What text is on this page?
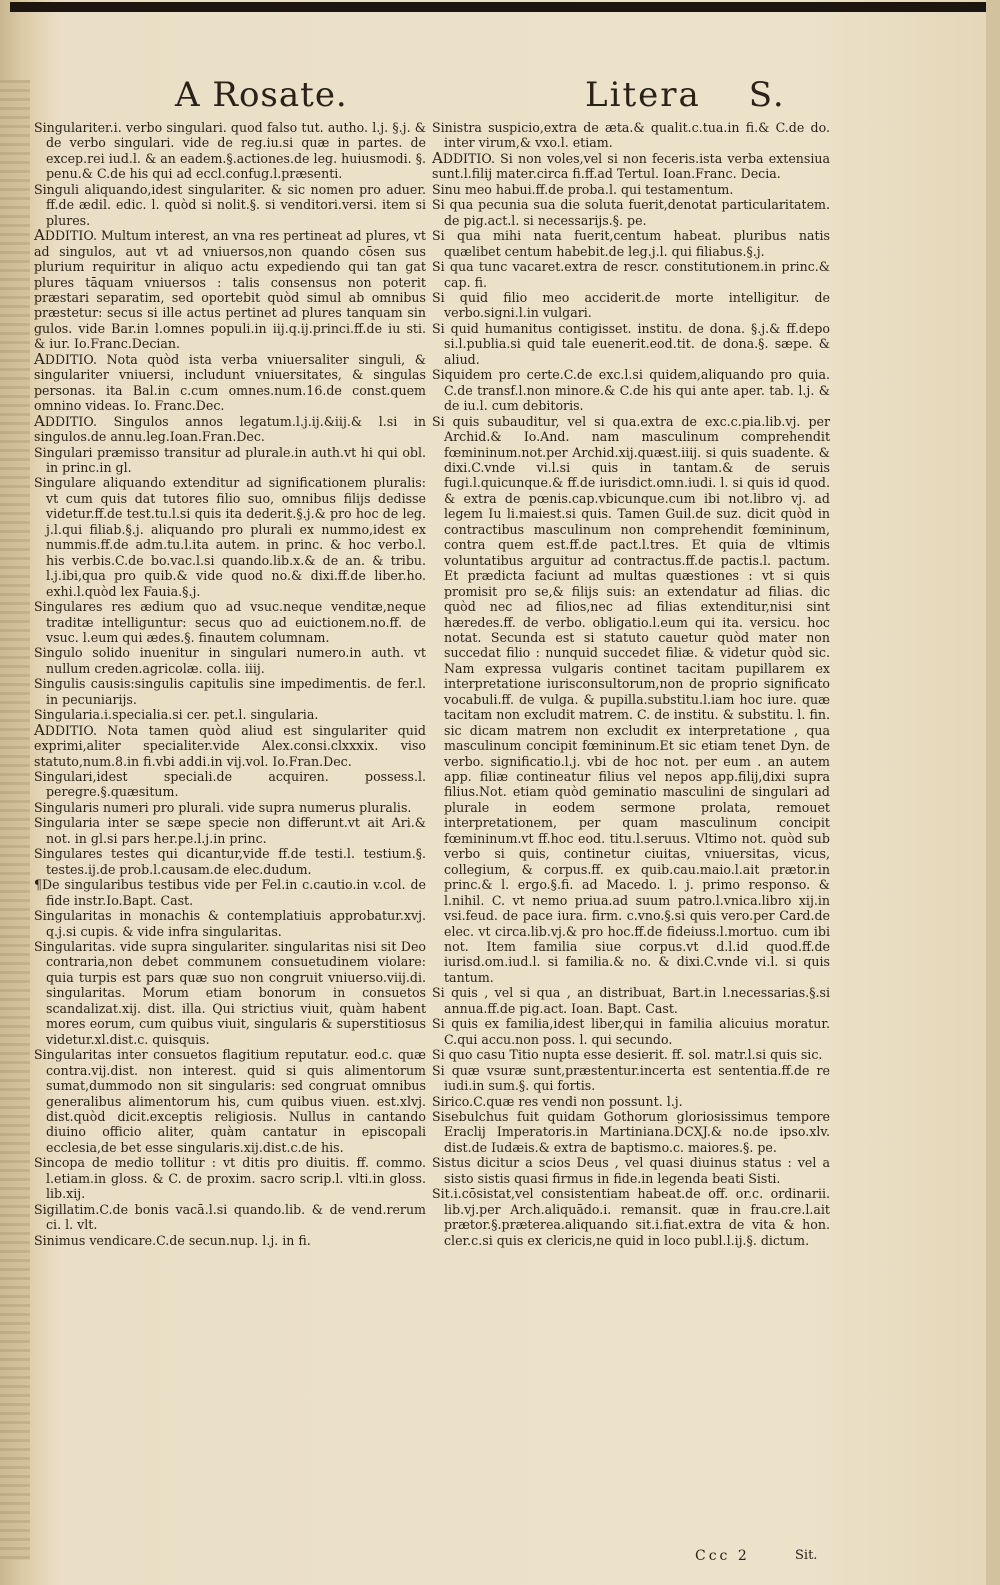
A Rosate.	Litera S.

Singulariter.i. verbo singulari. quod falso tut. autho. l.j. §.j. & de verbo singulari. vide de reg.iu.si quæ in partes. de excep.rei iud.l. & an eadem.§.actiones.de leg. huiusmodi. §. penu.& C.de his qui ad eccl.confug.l.præsenti.

Singuli aliquando,idest singulariter. & sic nomen pro aduer. ff.de ædil. edic. l. quòd si nolit.§. si venditori.versi. item si plures.

ADDITIO. Multum interest, an vna res pertineat ad plures, vt ad singulos, aut vt ad vniuersos,non quando cōsen sus plurium requiritur in aliquo actu expediendo qui tan gat plures tāquam vniuersos : talis consensus non poterit præstari separatim, sed oportebit quòd simul ab omnibus præstetur: secus si ille actus pertinet ad plures tanquam sin gulos. vide Bar.in l.omnes populi.in iij.q.ij.princi.ff.de iu sti. & iur. Io.Franc.Decian.

ADDITIO. Nota quòd ista verba vniuersaliter singuli, & singulariter vniuersi, includunt vniuersitates, & singulas personas. ita Bal.in c.cum omnes.num.16.de const.quem omnino videas. Io. Franc.Dec.

ADDITIO. Singulos annos legatum.l.j.ij.&iij.& l.si in singulos.de annu.leg.Ioan.Fran.Dec.

Singulari præmisso transitur ad plurale.in auth.vt hi qui obl. in princ.in gl.

Singulare aliquando extenditur ad significationem pluralis: vt cum quis dat tutores filio suo, omnibus filijs dedisse videtur.ff.de test.tu.l.si quis ita dederit.§.j.& pro hoc de leg. j.l.qui filiab.§.j. aliquando pro plurali ex nummo,idest ex nummis.ff.de adm.tu.l.ita autem. in princ. & hoc verbo.l. his verbis.C.de bo.vac.l.si quando.lib.x.& de an. & tribu. l.j.ibi,qua pro quib.& vide quod no.& dixi.ff.de liber.ho. exhi.l.quòd lex Fauia.§.j.

Singulares res ædium quo ad vsuc.neque venditæ,neque traditæ intelliguntur: secus quo ad euictionem.no.ff. de vsuc. l.eum qui ædes.§. finautem columnam.

Singulo solido inuenitur in singulari numero.in auth. vt nullum creden.agricolæ. colla. iiij.

Singulis causis:singulis capitulis sine impedimentis. de fer.l. in pecuniarijs.

Singularia.i.specialia.si cer. pet.l. singularia.

ADDITIO. Nota tamen quòd aliud est singulariter quid exprimi,aliter specialiter.vide Alex.consi.clxxxix. viso statuto,num.8.in fi.vbi addi.in vij.vol. Io.Fran.Dec.

Singulari,idest speciali.de acquiren. possess.l. peregre.§.quæsitum.

Singularis numeri pro plurali. vide supra numerus pluralis.

Singularia inter se sæpe specie non differunt.vt ait Ari.& not. in gl.si pars her.pe.l.j.in princ.

Singulares testes qui dicantur,vide ff.de testi.l. testium.§. testes.ij.de prob.l.causam.de elec.dudum.

¶De singularibus testibus vide per Fel.in c.cautio.in v.col. de fide instr.Io.Bapt. Cast.

Singularitas in monachis & contemplatiuis approbatur.xvj. q.j.si cupis. & vide infra singularitas.

Singularitas. vide supra singulariter. singularitas nisi sit Deo contraria,non debet communem consuetudinem violare: quia turpis est pars quæ suo non congruit vniuerso.viij.di. singularitas. Morum etiam bonorum in consuetos scandalizat.xij. dist. illa. Qui strictius viuit, quàm habent mores eorum, cum quibus viuit, singularis & superstitiosus videtur.xl.dist.c. quisquis.

Singularitas inter consuetos flagitium reputatur. eod.c. quæ contra.vij.dist. non interest. quid si quis alimentorum sumat,dummodo non sit singularis: sed congruat omnibus generalibus alimentorum his, cum quibus viuen. est.xlvj. dist.quòd dicit.exceptis religiosis. Nullus in cantando diuino officio aliter, quàm cantatur in episcopali ecclesia,de bet esse singularis.xij.dist.c.de his.

Sincopa de medio tollitur : vt ditis pro diuitis. ff. commo. l.etiam.in gloss. & C. de proxim. sacro scrip.l. vlti.in gloss. lib.xij.

Sigillatim.C.de bonis vacā.l.si quando.lib. & de vend.rerum ci. l. vlt.

Sinimus vendicare.C.de secun.nup. l.j. in fi.

Sinistra suspicio,extra de æta.& qualit.c.tua.in fi.& C.de do. inter virum,& vxo.l. etiam.

ADDITIO. Si non voles,vel si non feceris.ista verba extensiua sunt.l.filij mater.circa fi.ff.ad Tertul. Ioan.Franc. Decia.

Sinu meo habui.ff.de proba.l. qui testamentum.

Si qua pecunia sua die soluta fuerit,denotat particularitatem. de pig.act.l. si necessarijs.§. pe.

Si qua mihi nata fuerit,centum habeat. pluribus natis quælibet centum habebit.de leg.j.l. qui filiabus.§.j.

Si qua tunc vacaret.extra de rescr. constitutionem.in princ.& cap. fi.

Si quid filio meo acciderit.de morte intelligitur. de verbo.signi.l.in vulgari.

Si quid humanitus contigisset. institu. de dona. §.j.& ff.depo si.l.publia.si quid tale euenerit.eod.tit. de dona.§. sæpe. & aliud.

Siquidem pro certe.C.de exc.l.si quidem,aliquando pro quia. C.de transf.l.non minore.& C.de his qui ante aper. tab. l.j. & de iu.l. cum debitoris.

Si quis subauditur, vel si qua.extra de exc.c.pia.lib.vj. per Archid.& Io.And. nam masculinum comprehendit fœmininum.not.per Archid.xij.quæst.iiij. si quis suadente. & dixi.C.vnde vi.l.si quis in tantam.& de seruis fugi.l.quicunque.& ff.de iurisdict.omn.iudi. l. si quis id quod. & extra de pœnis.cap.vbicunque.cum ibi not.libro vj. ad legem Iu li.maiest.si quis. Tamen Guil.de suz. dicit quòd in contractibus masculinum non comprehendit fœmininum, contra quem est.ff.de pact.l.tres. Et quia de vltimis voluntatibus arguitur ad contractus.ff.de pactis.l. pactum. Et prædicta faciunt ad multas quæstiones : vt si quis promisit pro se,& filijs suis: an extendatur ad filias. dic quòd nec ad filios,nec ad filias extenditur,nisi sint hæredes.ff. de verbo. obligatio.l.eum qui ita. versicu. hoc notat. Secunda est si statuto cauetur quòd mater non succedat filio : nunquid succedet filiæ. & videtur quòd sic. Nam expressa vulgaris continet tacitam pupillarem ex interpretatione iurisconsultorum,non de proprio significato vocabuli.ff. de vulga. & pupilla.substitu.l.iam hoc iure. quæ tacitam non excludit matrem. C. de institu. & substitu. l. fin. sic dicam matrem non excludit ex interpretatione , qua masculinum concipit fœmininum.Et sic etiam tenet Dyn. de verbo. significatio.l.j. vbi de hoc not. per eum . an autem app. filiæ contineatur filius vel nepos app.filij,dixi supra filius.Not. etiam quòd geminatio masculini de singulari ad plurale in eodem sermone prolata, remouet interpretationem, per quam masculinum concipit fœmininum.vt ff.hoc eod. titu.l.seruus. Vltimo not. quòd sub verbo si quis, continetur ciuitas, vniuersitas, vicus, collegium, & corpus.ff. ex quib.cau.maio.l.ait prætor.in princ.& l. ergo.§.fi. ad Macedo. l. j. primo responso. & l.nihil. C. vt nemo priua.ad suum patro.l.vnica.libro xij.in vsi.feud. de pace iura. firm. c.vno.§.si quis vero.per Card.de elec. vt circa.lib.vj.& pro hoc.ff.de fideiuss.l.mortuo. cum ibi not. Item familia siue corpus.vt d.l.id quod.ff.de iurisd.om.iud.l. si familia.& no. & dixi.C.vnde vi.l. si quis tantum.

Si quis , vel si qua , an distribuat, Bart.in l.necessarias.§.si annua.ff.de pig.act. Ioan. Bapt. Cast.

Si quis ex familia,idest liber,qui in familia alicuius moratur. C.qui accu.non poss. l. qui secundo.

Si quo casu Titio nupta esse desierit. ff. sol. matr.l.si quis sic.

Si quæ vsuræ sunt,præstentur.incerta est sententia.ff.de re iudi.in sum.§. qui fortis.

Sirico.C.quæ res vendi non possunt. l.j.

Sisebulchus fuit quidam Gothorum gloriosissimus tempore Eraclij Imperatoris.in Martiniana.DCXJ.& no.de ipso.xlv. dist.de Iudæis.& extra de baptismo.c. maiores.§. pe.

Sistus dicitur a scios Deus , vel quasi diuinus status : vel a sisto sistis quasi firmus in fide.in legenda beati Sisti.

Sit.i.cōsistat,vel consistentiam habeat.de off. or.c. ordinarii. lib.vj.per Arch.aliquādo.i. remansit. quæ in frau.cre.l.ait prætor.§.præterea.aliquando sit.i.fiat.extra de vita & hon. cler.c.si quis ex clericis,ne quid in loco publ.l.ij.§. dictum.

Ccc 2	Sit.
